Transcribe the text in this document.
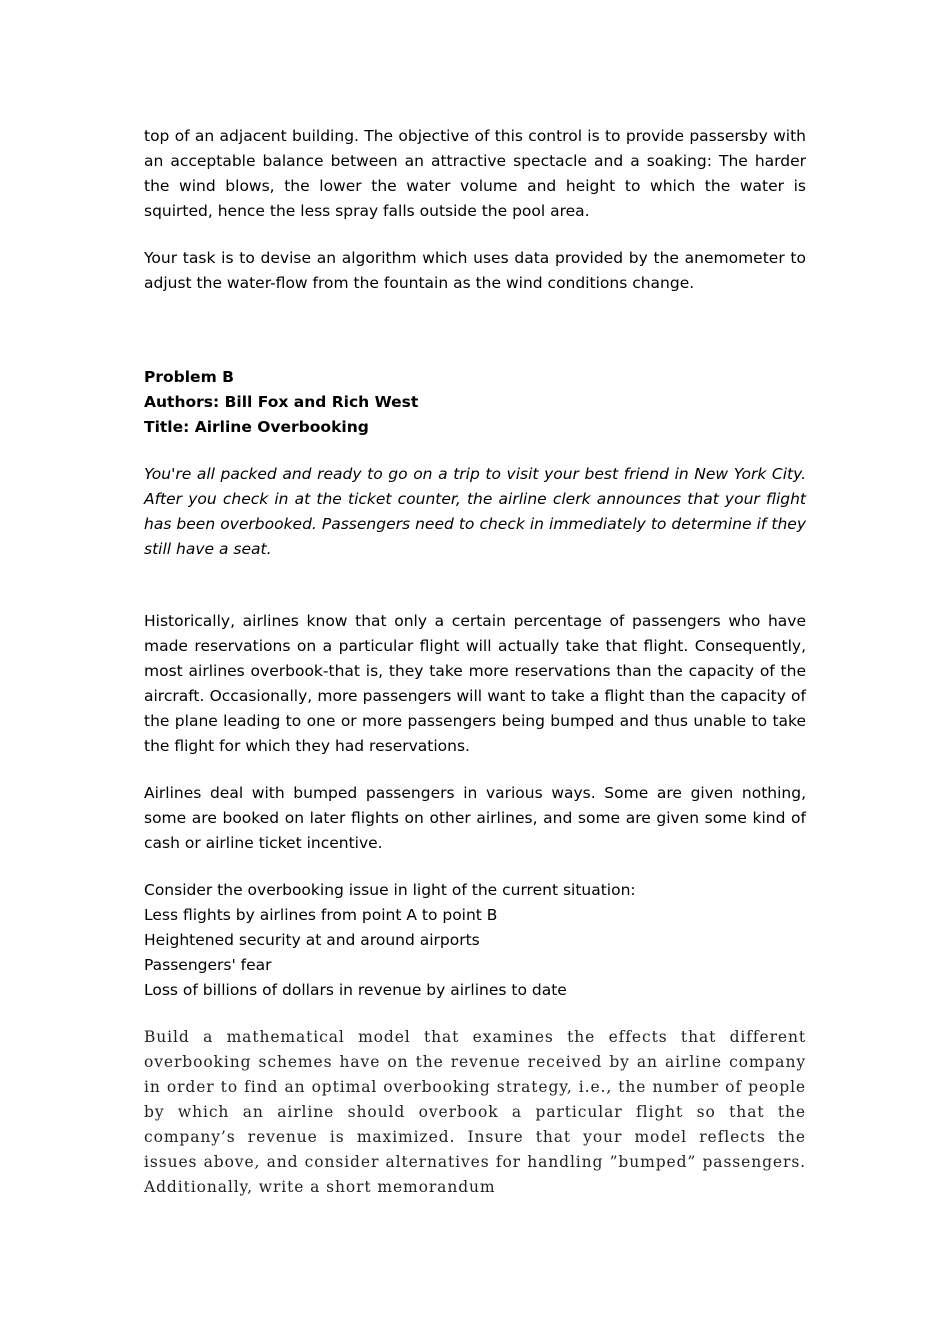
top of an adjacent building. The objective of this control is to provide passersby with an acceptable balance between an attractive spectacle and a soaking: The harder the wind blows, the lower the water volume and height to which the water is squirted, hence the less spray falls outside the pool area.

Your task is to devise an algorithm which uses data provided by the anemometer to adjust the water-flow from the fountain as the wind conditions change.

Problem B

Authors: Bill Fox and Rich West

Title: Airline Overbooking

You're all packed and ready to go on a trip to visit your best friend in New York City. After you check in at the ticket counter, the airline clerk announces that your flight has been overbooked. Passengers need to check in immediately to determine if they still have a seat.

Historically, airlines know that only a certain percentage of passengers who have made reservations on a particular flight will actually take that flight. Consequently, most airlines overbook-that is, they take more reservations than the capacity of the aircraft. Occasionally, more passengers will want to take a flight than the capacity of the plane leading to one or more passengers being bumped and thus unable to take the flight for which they had reservations.

Airlines deal with bumped passengers in various ways. Some are given nothing, some are booked on later flights on other airlines, and some are given some kind of cash or airline ticket incentive.

Consider the overbooking issue in light of the current situation:

Less flights by airlines from point A to point B

Heightened security at and around airports

Passengers' fear

Loss of billions of dollars in revenue by airlines to date

Build a mathematical model that examines the effects that different overbooking schemes have on the revenue received by an airline company in order to find an optimal overbooking strategy, i.e., the number of people by which an airline should overbook a particular flight so that the company’s revenue is maximized. Insure that your model reflects the issues above, and consider alternatives for handling ”bumped” passengers. Additionally, write a short memorandum
